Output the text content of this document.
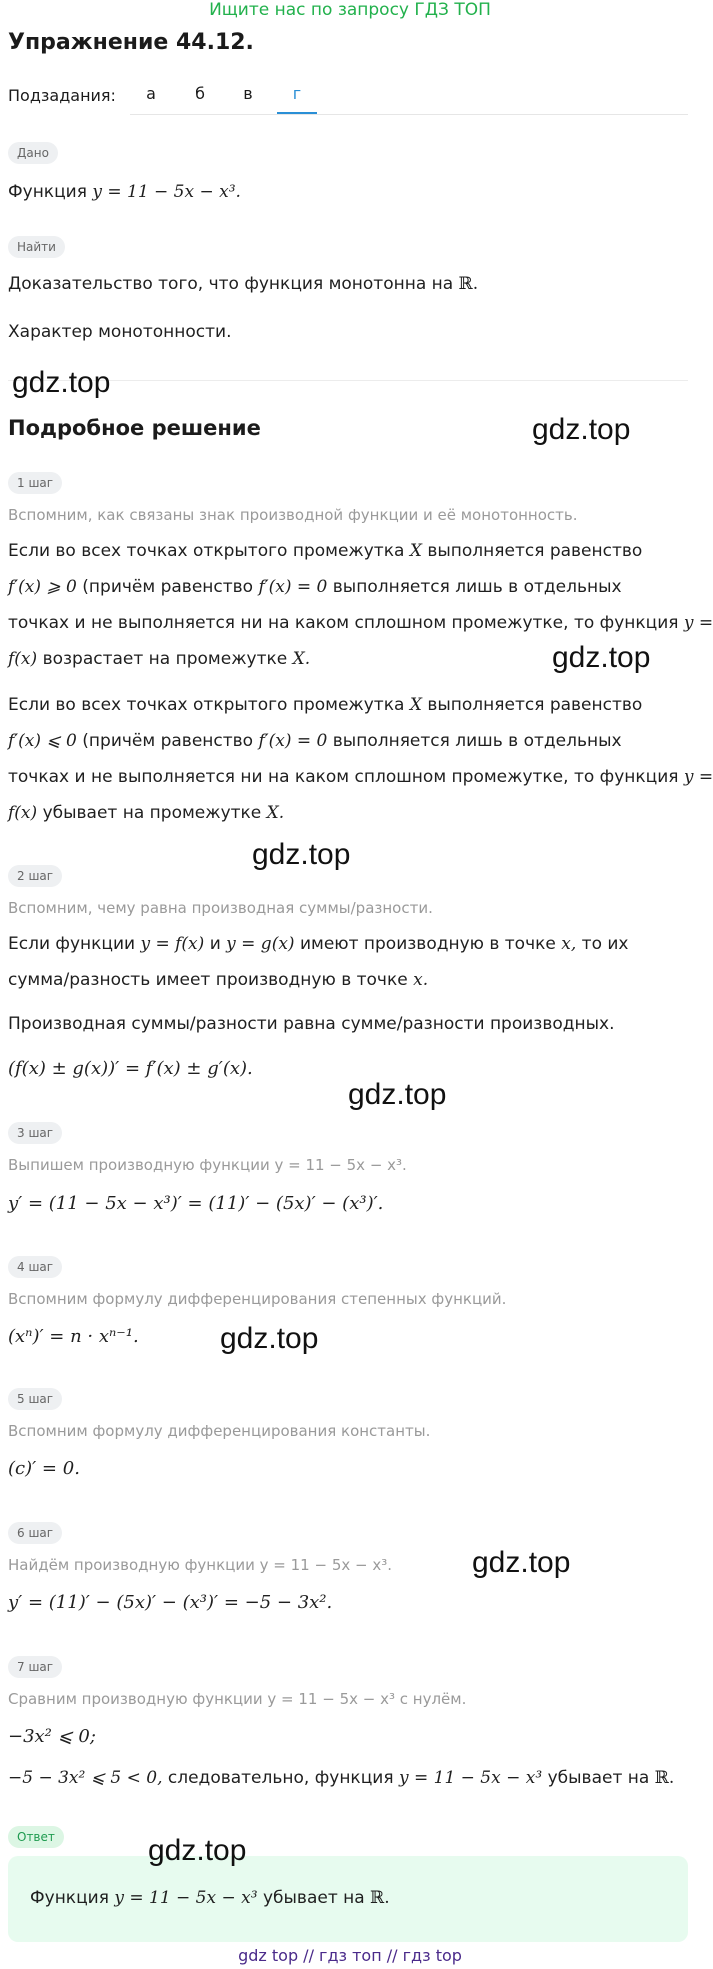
Ищите нас по запросу ГДЗ ТОП
Упражнение 44.12.
Подзадания:	а	б	в	г
Дано
Функция y = 11 − 5x − x³.
Найти
Доказательство того, что функция монотонна на ℝ.
Характер монотонности.
Подробное решение
1 шаг
Вспомним, как связаны знак производной функции и её монотонность.
Если во всех точках открытого промежутка X выполняется равенство
f′(x) ⩾ 0 (причём равенство f′(x) = 0 выполняется лишь в отдельных
точках и не выполняется ни на каком сплошном промежутке, то функция y =
f(x) возрастает на промежутке X.
Если во всех точках открытого промежутка X выполняется равенство
f′(x) ⩽ 0 (причём равенство f′(x) = 0 выполняется лишь в отдельных
точках и не выполняется ни на каком сплошном промежутке, то функция y =
f(x) убывает на промежутке X.
2 шаг
Вспомним, чему равна производная суммы/разности.
Если функции y = f(x) и y = g(x) имеют производную в точке x, то их
сумма/разность имеет производную в точке x.
Производная суммы/разности равна сумме/разности производных.
(f(x) ± g(x))′ = f′(x) ± g′(x).
3 шаг
Выпишем производную функции y = 11 − 5x − x³.
y′ = (11 − 5x − x³)′ = (11)′ − (5x)′ − (x³)′.
4 шаг
Вспомним формулу дифференцирования степенных функций.
(xⁿ)′ = n · xⁿ⁻¹.
5 шаг
Вспомним формулу дифференцирования константы.
(c)′ = 0.
6 шаг
Найдём производную функции y = 11 − 5x − x³.
y′ = (11)′ − (5x)′ − (x³)′ = −5 − 3x².
7 шаг
Сравним производную функции y = 11 − 5x − x³ с нулём.
−3x² ⩽ 0;
−5 − 3x² ⩽ 5 < 0, следовательно, функция y = 11 − 5x − x³ убывает на ℝ.
Ответ
Функция y = 11 − 5x − x³ убывает на ℝ.
gdz.top
gdz.top
gdz.top
gdz.top
gdz.top
gdz.top
gdz.top
gdz.top
gdz top // гдз топ // гдз top
